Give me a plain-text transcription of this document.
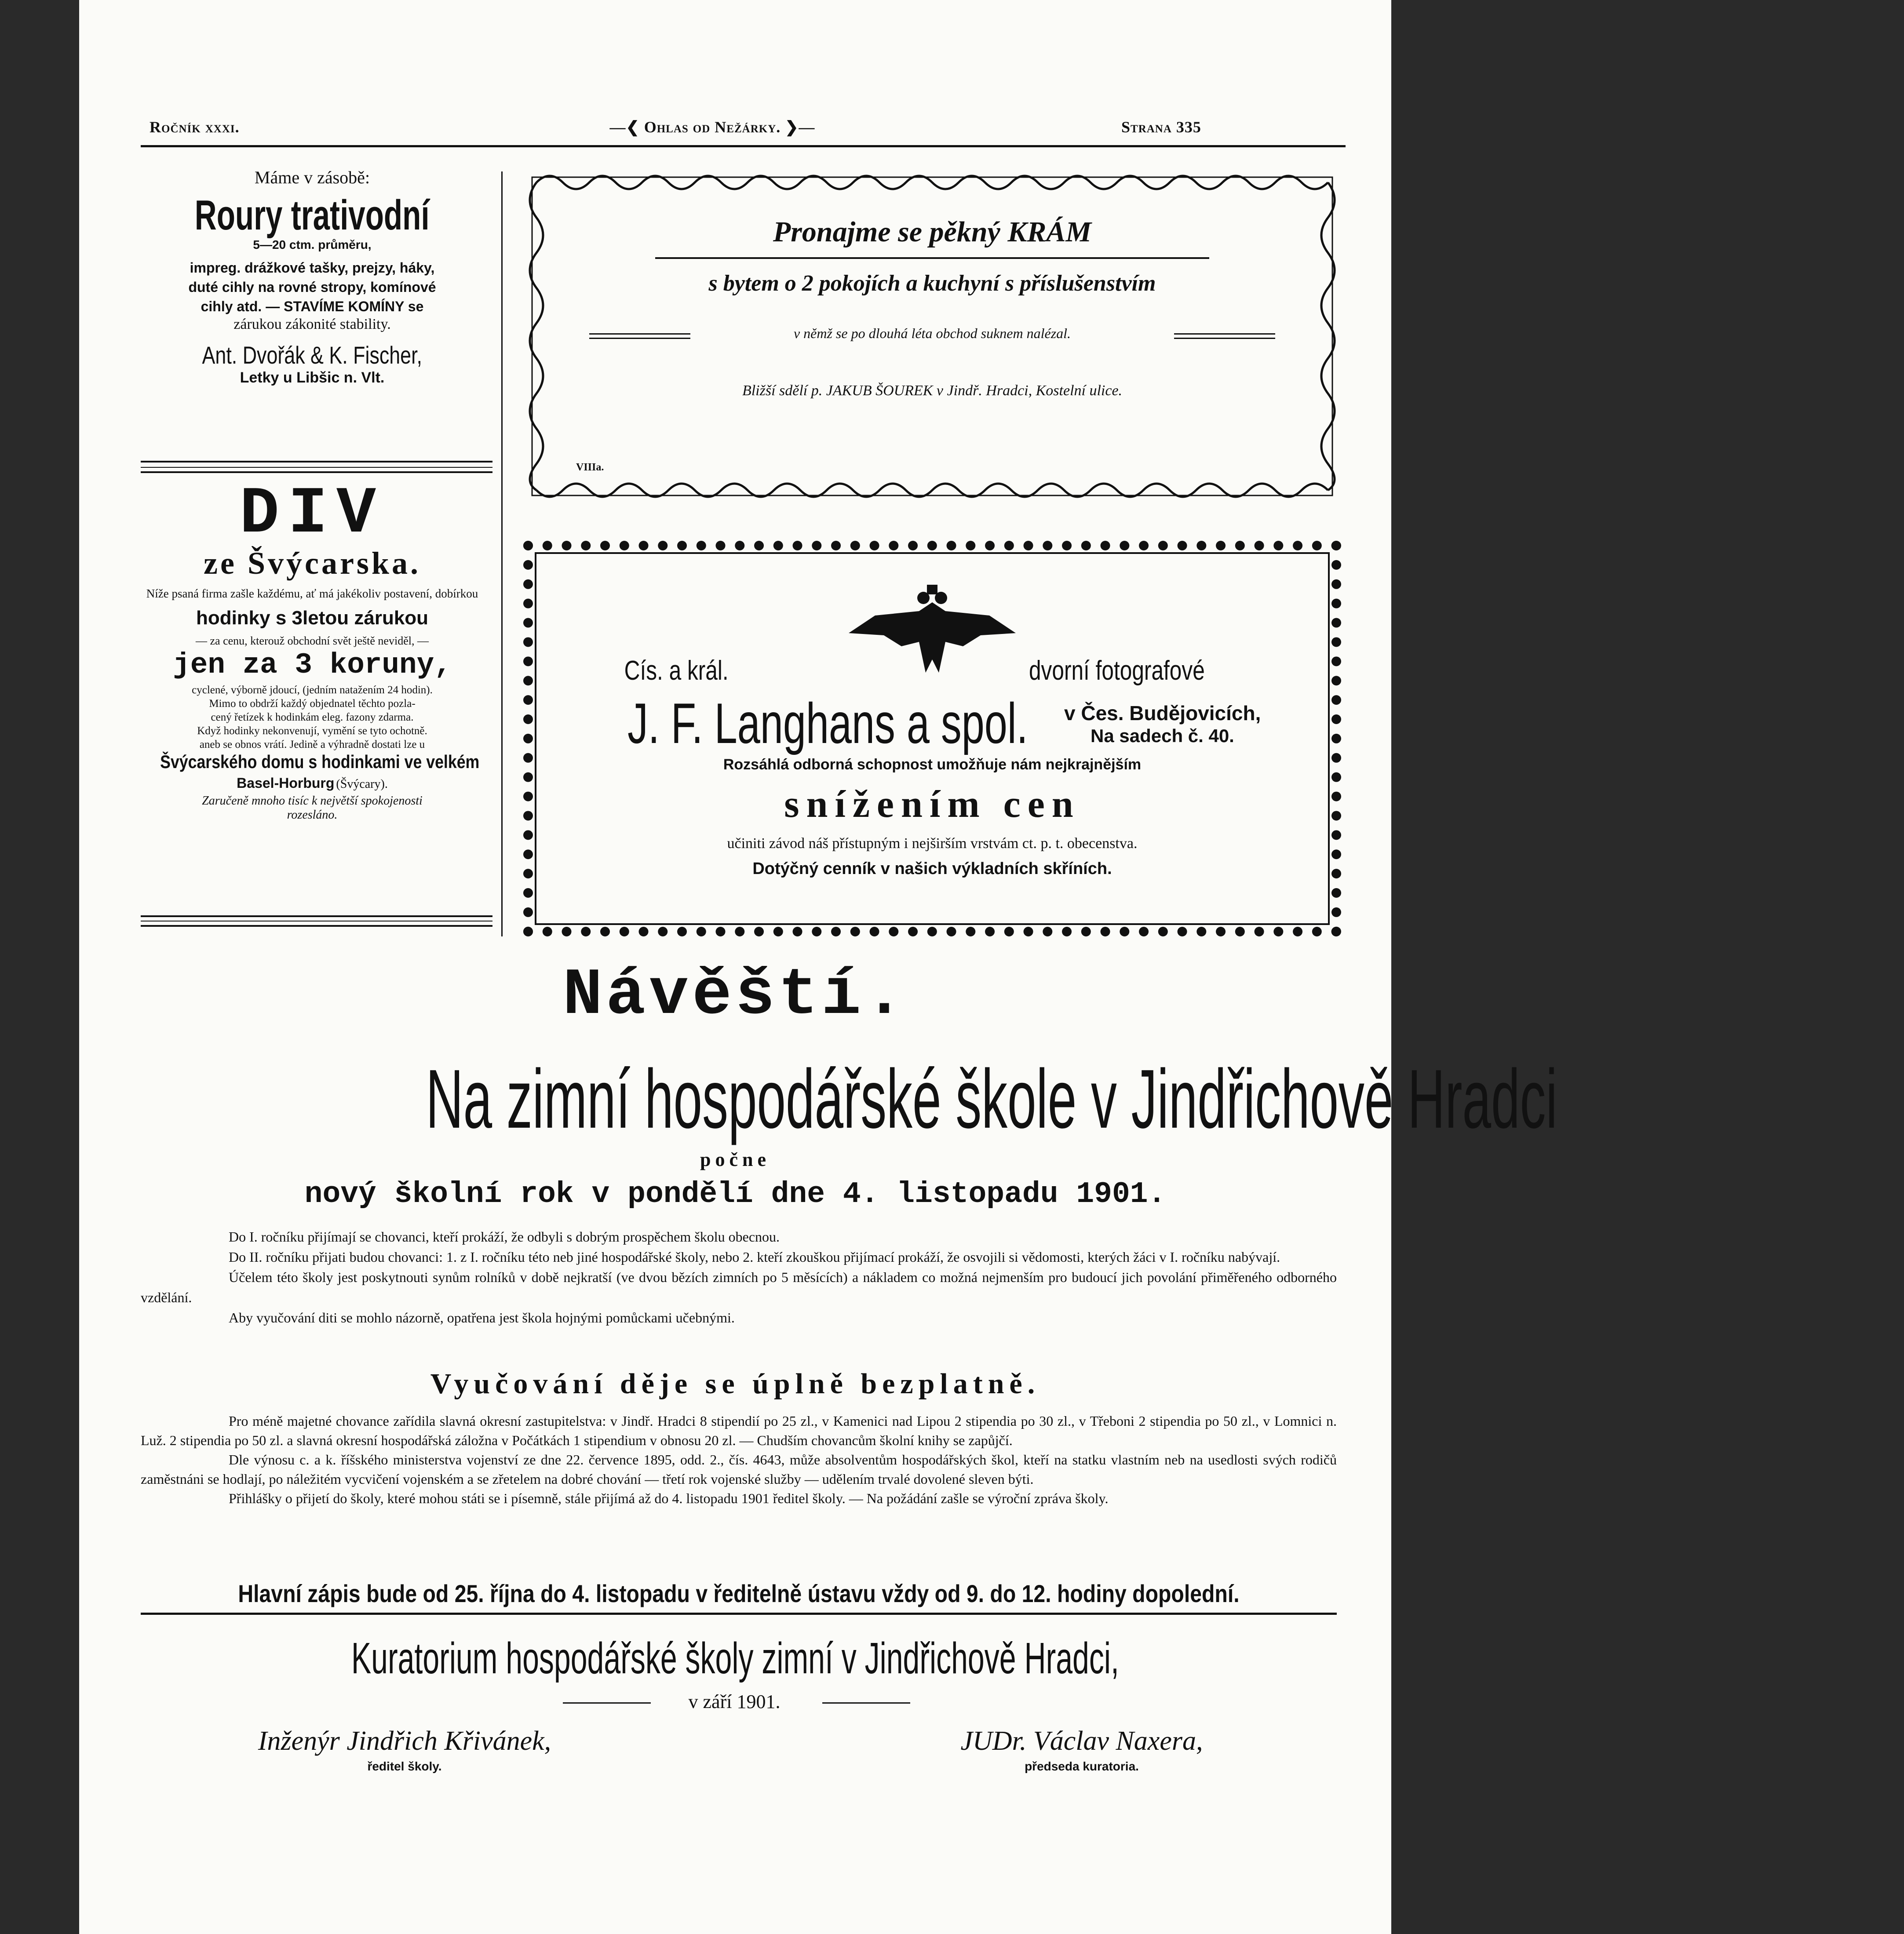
Ročník xxxi.	—❮ Ohlas od Nežárky. ❯—	Strana 335
Máme v zásobě:
Roury trativodní
5—20 ctm. průměru,
impreg. drážkové tašky, prejzy, háky,
duté cihly na rovné stropy, komínové
cihly atd. — STAVÍME KOMÍNY se
zárukou zákonité stability.
Ant. Dvořák & K. Fischer,
Letky u Libšic n. Vlt.
DIV
ze Švýcarska.
Níže psaná firma zašle každému, ať má jakékoliv postavení, dobírkou
hodinky s 3letou zárukou
— za cenu, kterouž obchodní svět ještě neviděl, —
jen za 3 koruny,
cyclené, výborně jdoucí, (jedním natažením 24 hodin).
Mimo to obdrží každý objednatel těchto pozla-
cený řetízek k hodinkám eleg. fazony zdarma.
Když hodinky nekonvenují, vymění se tyto ochotně.
aneb se obnos vrátí. Jedině a výhradně dostati lze u
Švýcarského domu s hodinkami ve velkém
Basel-Horburg (Švýcary).
Zaručeně mnoho tisíc k největší spokojenosti
rozesláno.
Pronajme se pěkný KRÁM
s bytem o 2 pokojích a kuchyní s příslušenstvím
v němž se po dlouhá léta obchod suknem nalézal.
Bližší sdělí p. JAKUB ŠOUREK v Jindř. Hradci, Kostelní ulice.
VIIIa.
Cís. a král.	dvorní fotografové
J. F. Langhans a spol. v Čes. Budějovicích,
Na sadech č. 40.
Rozsáhlá odborná schopnost umožňuje nám nejkrajnějším
snížením cen
učiniti závod náš přístupným i nejširším vrstvám ct. p. t. obecenstva.
Dotýčný cenník v našich výkladních skříních.
Návěští.
Na zimní hospodářské škole v Jindřichově Hradci
počne
nový školní rok v pondělí dne 4. listopadu 1901.
Do I. ročníku přijímají se chovanci, kteří prokáží, že odbyli s dobrým prospěchem školu obecnou.
Do II. ročníku přijati budou chovanci: 1. z I. ročníku této neb jiné hospodářské školy, nebo 2. kteří zkouškou přijímací prokáží, že osvojili si vědomosti, kterých žáci v I. ročníku nabývají.
Účelem této školy jest poskytnouti synům rolníků v době nejkratší (ve dvou bězích zimních po 5 měsících) a nákladem co možná nejmenším pro budoucí jich povolání přiměřeného odborného vzdělání.
Aby vyučování diti se mohlo názorně, opatřena jest škola hojnými pomůckami učebnými.
Vyučování děje se úplně bezplatně.
Pro méně majetné chovance zařídila slavná okresní zastupitelstva: v Jindř. Hradci 8 stipendií po 25 zl., v Kamenici nad Lipou 2 stipendia po 30 zl., v Třeboni 2 stipendia po 50 zl., v Lomnici n. Luž. 2 stipendia po 50 zl. a slavná okresní hospodářská záložna v Počátkách 1 stipendium v obnosu 20 zl. — Chudším chovancům školní knihy se zapůjčí.
Dle výnosu c. a k. říšského ministerstva vojenství ze dne 22. července 1895, odd. 2., čís. 4643, může absolventům hospodářských škol, kteří na statku vlastním neb na usedlosti svých rodičů zaměstnáni se hodlají, po náležitém vycvičení vojenském a se zřetelem na dobré chování — třetí rok vojenské služby — udělením trvalé dovolené sleven býti.
Přihlášky o přijetí do školy, které mohou státi se i písemně, stále přijímá až do 4. listopadu 1901 ředitel školy. — Na požádání zašle se výroční zpráva školy.
Hlavní zápis bude od 25. října do 4. listopadu v ředitelně ústavu vždy od 9. do 12. hodiny dopolední.
Kuratorium hospodářské školy zimní v Jindřichově Hradci,
v září 1901.
Inženýr Jindřich Křivánek,
ředitel školy.
JUDr. Václav Naxera,
předseda kuratoria.
